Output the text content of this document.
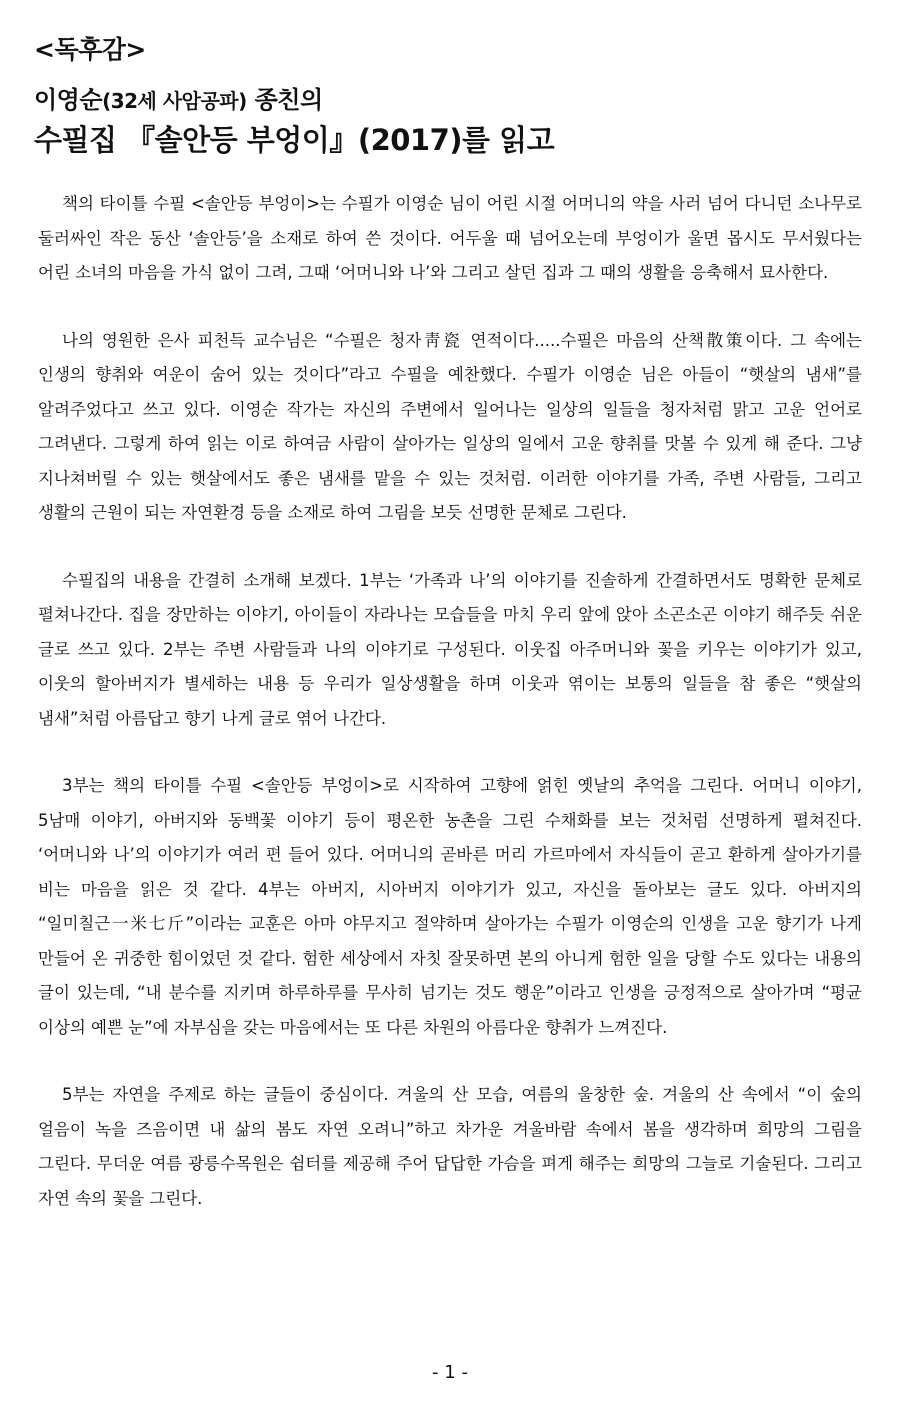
<독후감>
이영순(32세 사암공파) 종친의
수필집 『솔안등 부엉이』(2017)를 읽고

책의 타이틀 수필 <솔안등 부엉이>는 수필가 이영순 님이 어린 시절 어머니의 약을 사러 넘어 다니던 소나무로 둘러싸인 작은 동산 ‘솔안등’을 소재로 하여 쓴 것이다. 어두울 때 넘어오는데 부엉이가 울면 몹시도 무서웠다는 어린 소녀의 마음을 가식 없이 그려, 그때 ‘어머니와 나’와 그리고 살던 집과 그 때의 생활을 응축해서 묘사한다.

나의 영원한 은사 피천득 교수님은 “수필은 청자靑瓷 연적이다.....수필은 마음의 산책散策이다. 그 속에는 인생의 향취와 여운이 숨어 있는 것이다”라고 수필을 예찬했다. 수필가 이영순 님은 아들이 “햇살의 냄새”를 알려주었다고 쓰고 있다. 이영순 작가는 자신의 주변에서 일어나는 일상의 일들을 청자처럼 맑고 고운 언어로 그려낸다. 그렇게 하여 읽는 이로 하여금 사람이 살아가는 일상의 일에서 고운 향취를 맛볼 수 있게 해 준다. 그냥 지나쳐버릴 수 있는 햇살에서도 좋은 냄새를 맡을 수 있는 것처럼. 이러한 이야기를 가족, 주변 사람들, 그리고 생활의 근원이 되는 자연환경 등을 소재로 하여 그림을 보듯 선명한 문체로 그린다.

수필집의 내용을 간결히 소개해 보겠다. 1부는 ‘가족과 나’의 이야기를 진솔하게 간결하면서도 명확한 문체로 펼쳐나간다. 집을 장만하는 이야기, 아이들이 자라나는 모습들을 마치 우리 앞에 앉아 소곤소곤 이야기 해주듯 쉬운 글로 쓰고 있다. 2부는 주변 사람들과 나의 이야기로 구성된다. 이웃집 아주머니와 꽃을 키우는 이야기가 있고, 이웃의 할아버지가 별세하는 내용 등 우리가 일상생활을 하며 이웃과 엮이는 보통의 일들을 참 좋은 “햇살의 냄새”처럼 아름답고 향기 나게 글로 엮어 나간다.

3부는 책의 타이틀 수필 <솔안등 부엉이>로 시작하여 고향에 얽힌 옛날의 추억을 그린다. 어머니 이야기, 5남매 이야기, 아버지와 동백꽃 이야기 등이 평온한 농촌을 그린 수채화를 보는 것처럼 선명하게 펼쳐진다. ‘어머니와 나’의 이야기가 여러 편 들어 있다. 어머니의 곧바른 머리 가르마에서 자식들이 곧고 환하게 살아가기를 비는 마음을 읽은 것 같다. 4부는 아버지, 시아버지 이야기가 있고, 자신을 돌아보는 글도 있다. 아버지의 “일미칠근一米七斤”이라는 교훈은 아마 야무지고 절약하며 살아가는 수필가 이영순의 인생을 고운 향기가 나게 만들어 온 귀중한 힘이었던 것 같다. 험한 세상에서 자칫 잘못하면 본의 아니게 험한 일을 당할 수도 있다는 내용의 글이 있는데, “내 분수를 지키며 하루하루를 무사히 넘기는 것도 행운”이라고 인생을 긍정적으로 살아가며 “평균 이상의 예쁜 눈”에 자부심을 갖는 마음에서는 또 다른 차원의 아름다운 향취가 느껴진다.

5부는 자연을 주제로 하는 글들이 중심이다. 겨울의 산 모습, 여름의 울창한 숲. 겨울의 산 속에서 “이 숲의 얼음이 녹을 즈음이면 내 삶의 봄도 자연 오려니”하고 차가운 겨울바람 속에서 봄을 생각하며 희망의 그림을 그린다. 무더운 여름 광릉수목원은 쉼터를 제공해 주어 답답한 가슴을 펴게 해주는 희망의 그늘로 기술된다. 그리고 자연 속의 꽃을 그린다.

- 1 -
